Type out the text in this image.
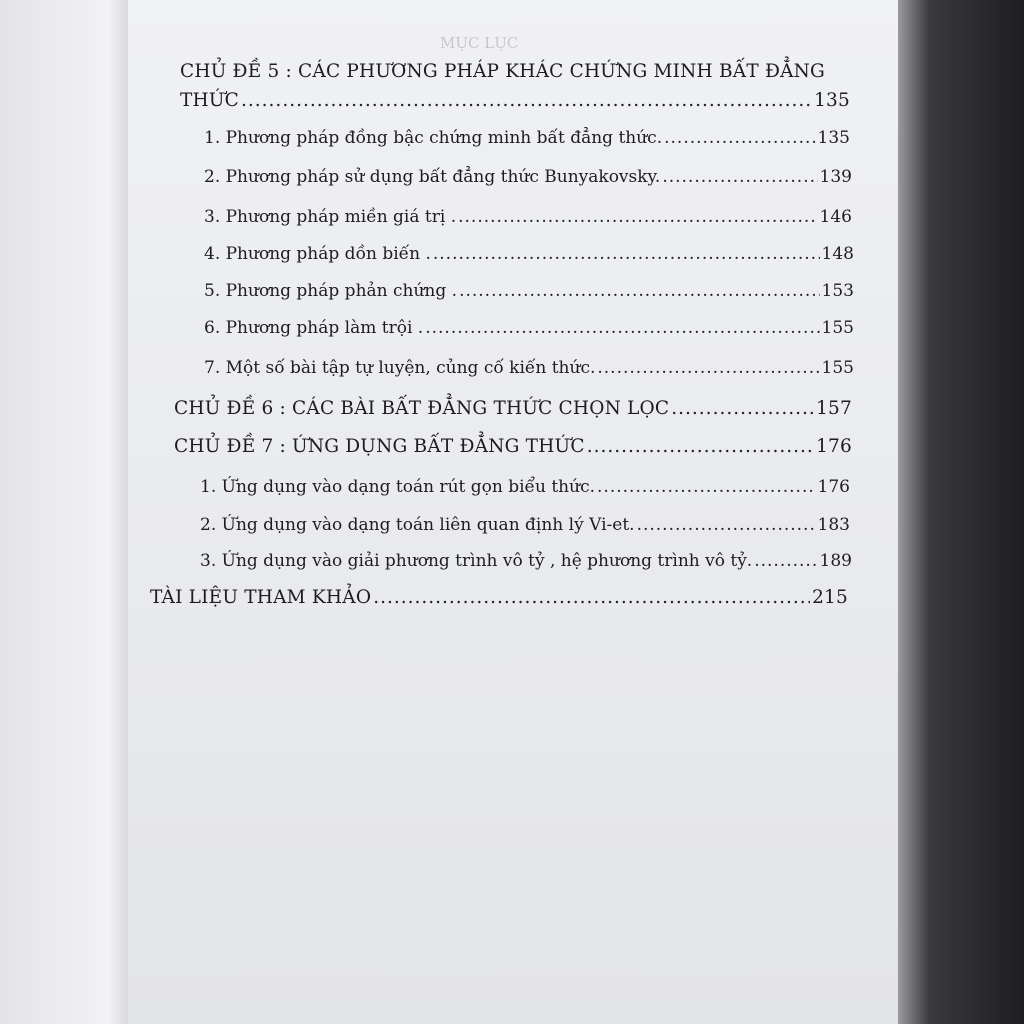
MỤC LỤC
CHỦ ĐỀ 5 : CÁC PHƯƠNG PHÁP KHÁC CHỨNG MINH BẤT ĐẲNG
THỨC .....	135
1. Phương pháp đồng bậc chứng minh bất đẳng thức. .....	135
2. Phương pháp sử dụng bất đẳng thức Bunyakovsky. .....	139
3. Phương pháp miền giá trị . .....	146
4. Phương pháp dồn biến . .....	148
5. Phương pháp phản chứng . .....	153
6. Phương pháp làm trội . .....	155
7. Một số bài tập tự luyện, củng cố kiến thức. .....	155
CHỦ ĐỀ 6 : CÁC BÀI BẤT ĐẲNG THỨC CHỌN LỌC .....	157
CHỦ ĐỀ 7 : ỨNG DỤNG BẤT ĐẲNG THỨC .....	176
1. Ứng dụng vào dạng toán rút gọn biểu thức. .....	176
2. Ứng dụng vào dạng toán liên quan định lý Vi-et. .....	183
3. Ứng dụng vào giải phương trình vô tỷ , hệ phương trình vô tỷ. .....	189
TÀI LIỆU THAM KHẢO .....	215
